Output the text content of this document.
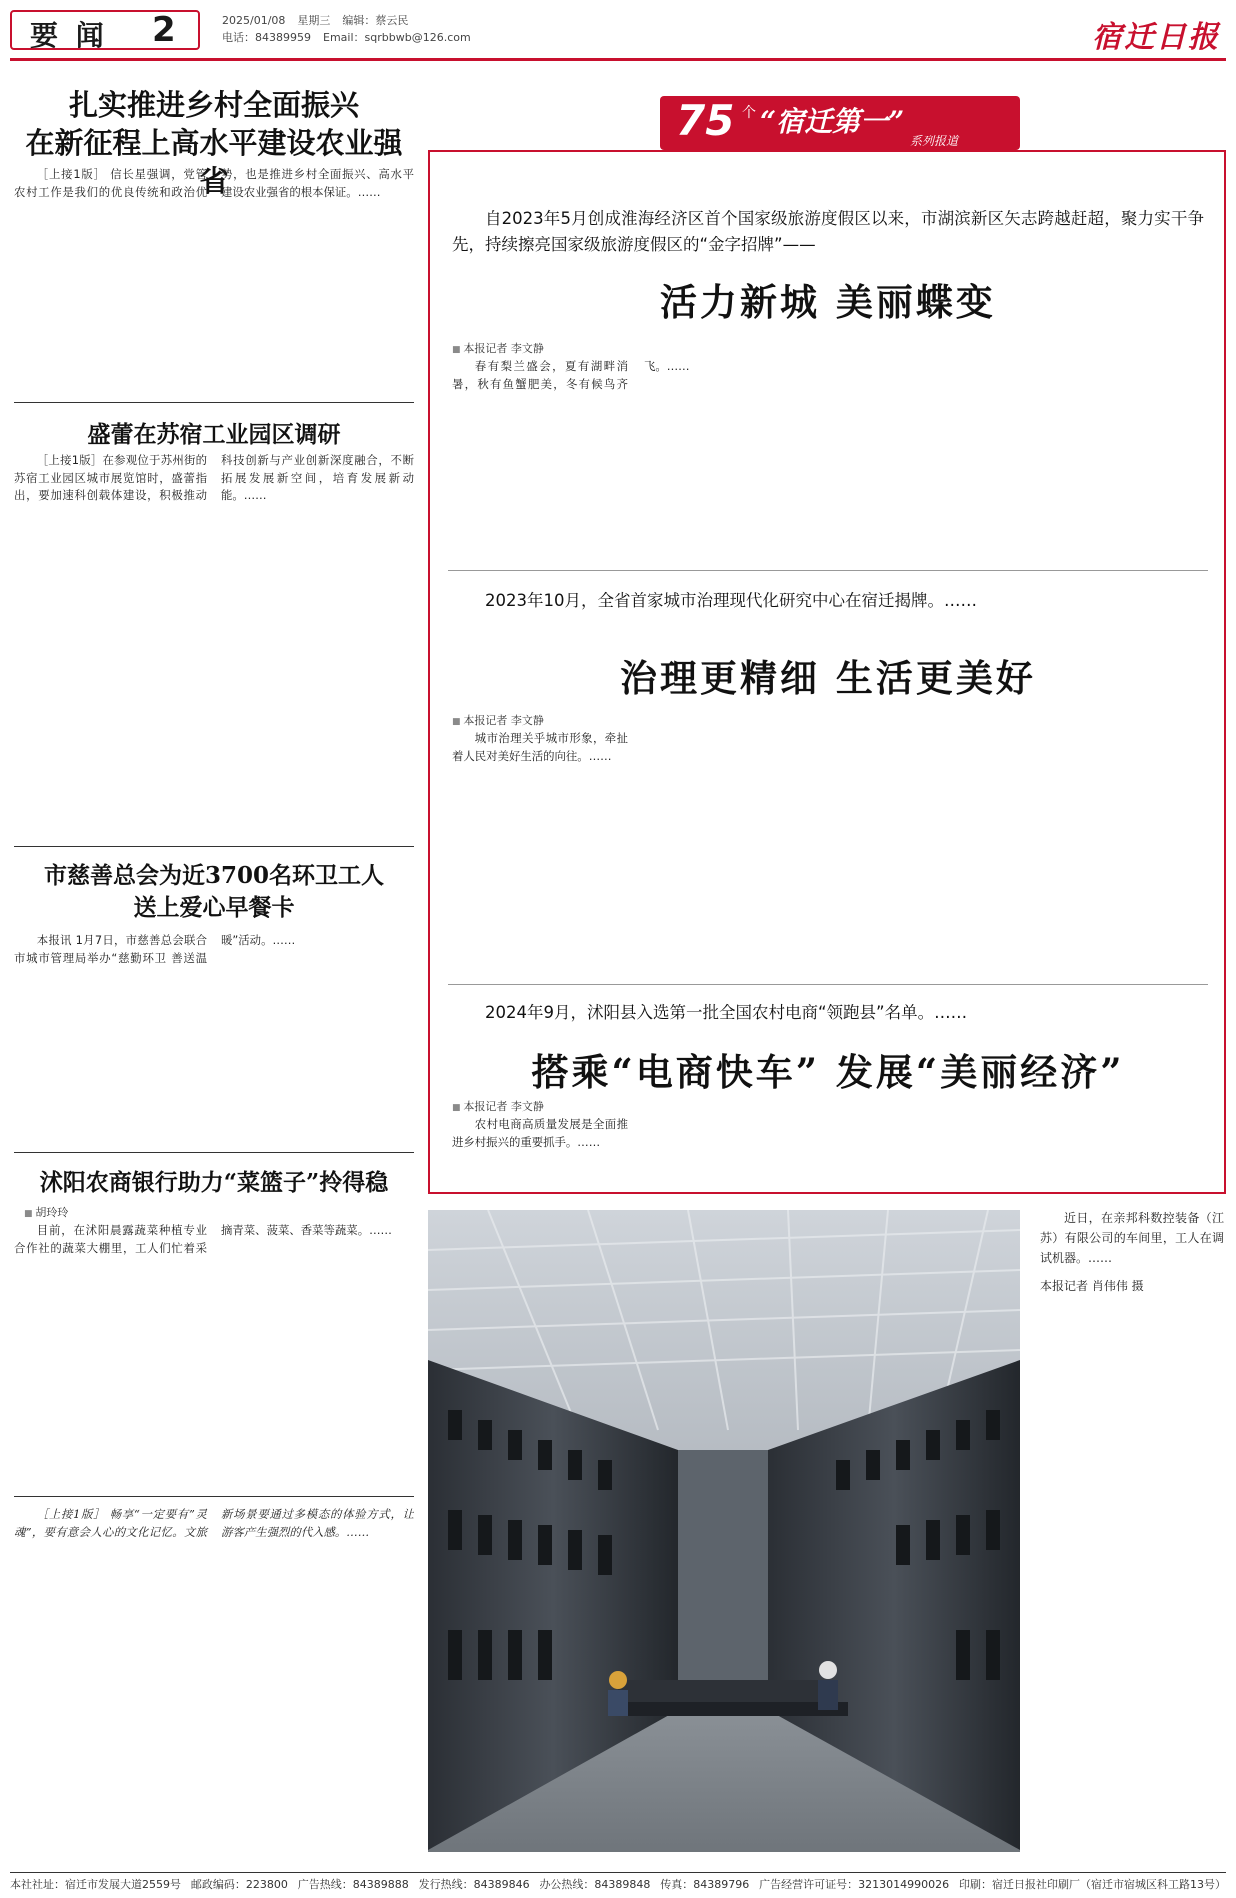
要 闻 2	2025/01/08 星期三 编辑：蔡云民
电话：84389959 Email：sqrbbwb@126.com	宿迁日报
扎实推进乡村全面振兴
在新征程上高水平建设农业强省

［上接1版］ 信长星强调，党管农村工作是我们的优良传统和政治优势，也是推进乡村全面振兴、高水平建设农业强省的根本保证。……

盛蕾在苏宿工业园区调研

［上接1版］在参观位于苏州街的苏宿工业园区城市展览馆时，盛蕾指出，要加速科创载体建设，积极推动科技创新与产业创新深度融合，不断拓展发展新空间，培育发展新动能。……

市慈善总会为近3700名环卫工人
送上爱心早餐卡

本报讯 1月7日，市慈善总会联合市城市管理局举办“慈勤环卫 善送温暖”活动。……

沭阳农商银行助力“菜篮子”拎得稳
■ 胡玲玲

目前，在沭阳晨露蔬菜种植专业合作社的蔬菜大棚里，工人们忙着采摘青菜、菠菜、香菜等蔬菜。……

［上接1版］ 畅享“一定要有”灵魂”，要有意会人心的文化记忆。文旅新场景要通过多模态的体验方式，让游客产生强烈的代入感。……

75 个 “宿迁第一”
系列报道
自2023年5月创成淮海经济区首个国家级旅游度假区以来，市湖滨新区矢志跨越赶超，聚力实干争先，持续擦亮国家级旅游度假区的“金字招牌”——
活力新城 美丽蝶变
■ 本报记者 李文静

春有梨兰盛会，夏有湖畔消暑，秋有鱼蟹肥美，冬有候鸟齐飞。……

2023年10月，全省首家城市治理现代化研究中心在宿迁揭牌。……
治理更精细 生活更美好
■ 本报记者 李文静

城市治理关乎城市形象，牵扯着人民对美好生活的向往。……

2024年9月，沭阳县入选第一批全国农村电商“领跑县”名单。……
搭乘“电商快车” 发展“美丽经济”
■ 本报记者 李文静

农村电商高质量发展是全面推进乡村振兴的重要抓手。……

近日，在亲邦科数控装备（江苏）有限公司的车间里，工人在调试机器。……

本报记者 肖伟伟 摄
本社社址：宿迁市发展大道2559号 邮政编码：223800 广告热线：84389888 发行热线：84389846 办公热线：84389848 传真：84389796 广告经营许可证号：3213014990026 印刷：宿迁日报社印刷厂（宿迁市宿城区科工路13号）
